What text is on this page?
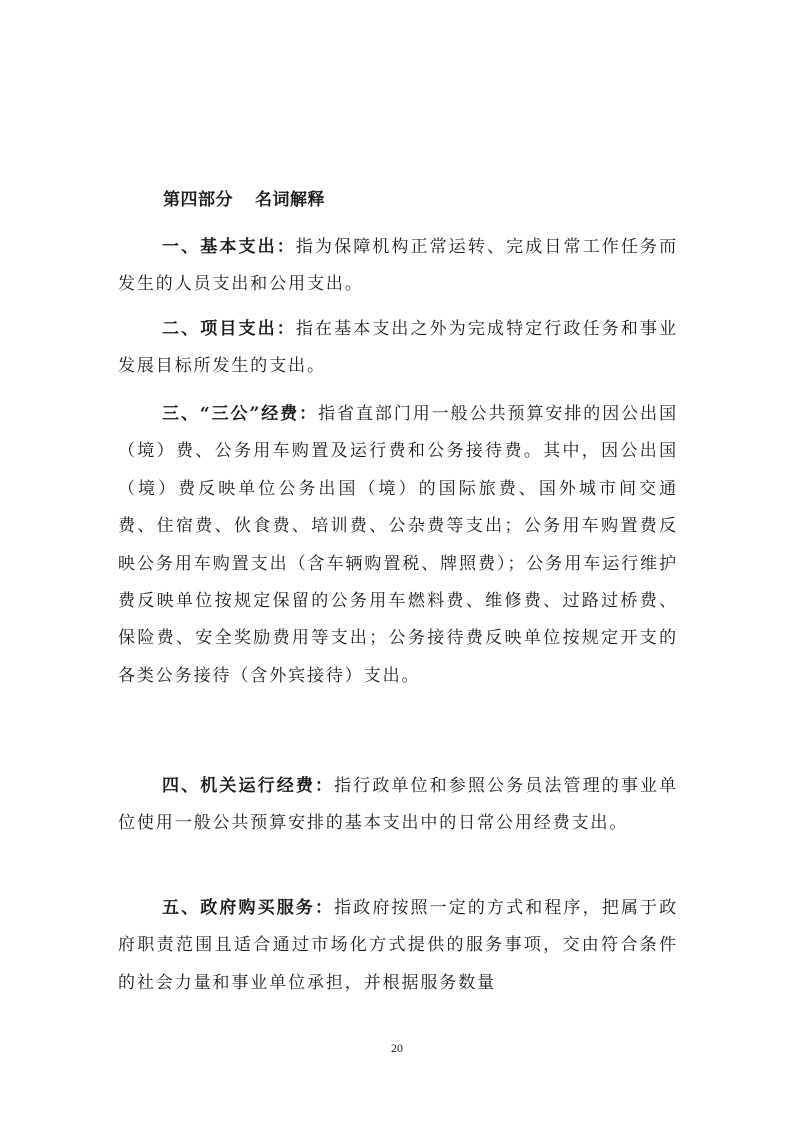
第四部分 名词解释

一、基本支出：指为保障机构正常运转、完成日常工作任务而发生的人员支出和公用支出。

二、项目支出：指在基本支出之外为完成特定行政任务和事业发展目标所发生的支出。

三、“三公”经费：指省直部门用一般公共预算安排的因公出国（境）费、公务用车购置及运行费和公务接待费。其中，因公出国（境）费反映单位公务出国（境）的国际旅费、国外城市间交通费、住宿费、伙食费、培训费、公杂费等支出；公务用车购置费反映公务用车购置支出（含车辆购置税、牌照费）；公务用车运行维护费反映单位按规定保留的公务用车燃料费、维修费、过路过桥费、保险费、安全奖励费用等支出；公务接待费反映单位按规定开支的各类公务接待（含外宾接待）支出。

四、机关运行经费：指行政单位和参照公务员法管理的事业单位使用一般公共预算安排的基本支出中的日常公用经费支出。

五、政府购买服务：指政府按照一定的方式和程序，把属于政府职责范围且适合通过市场化方式提供的服务事项，交由符合条件的社会力量和事业单位承担，并根据服务数量

20
